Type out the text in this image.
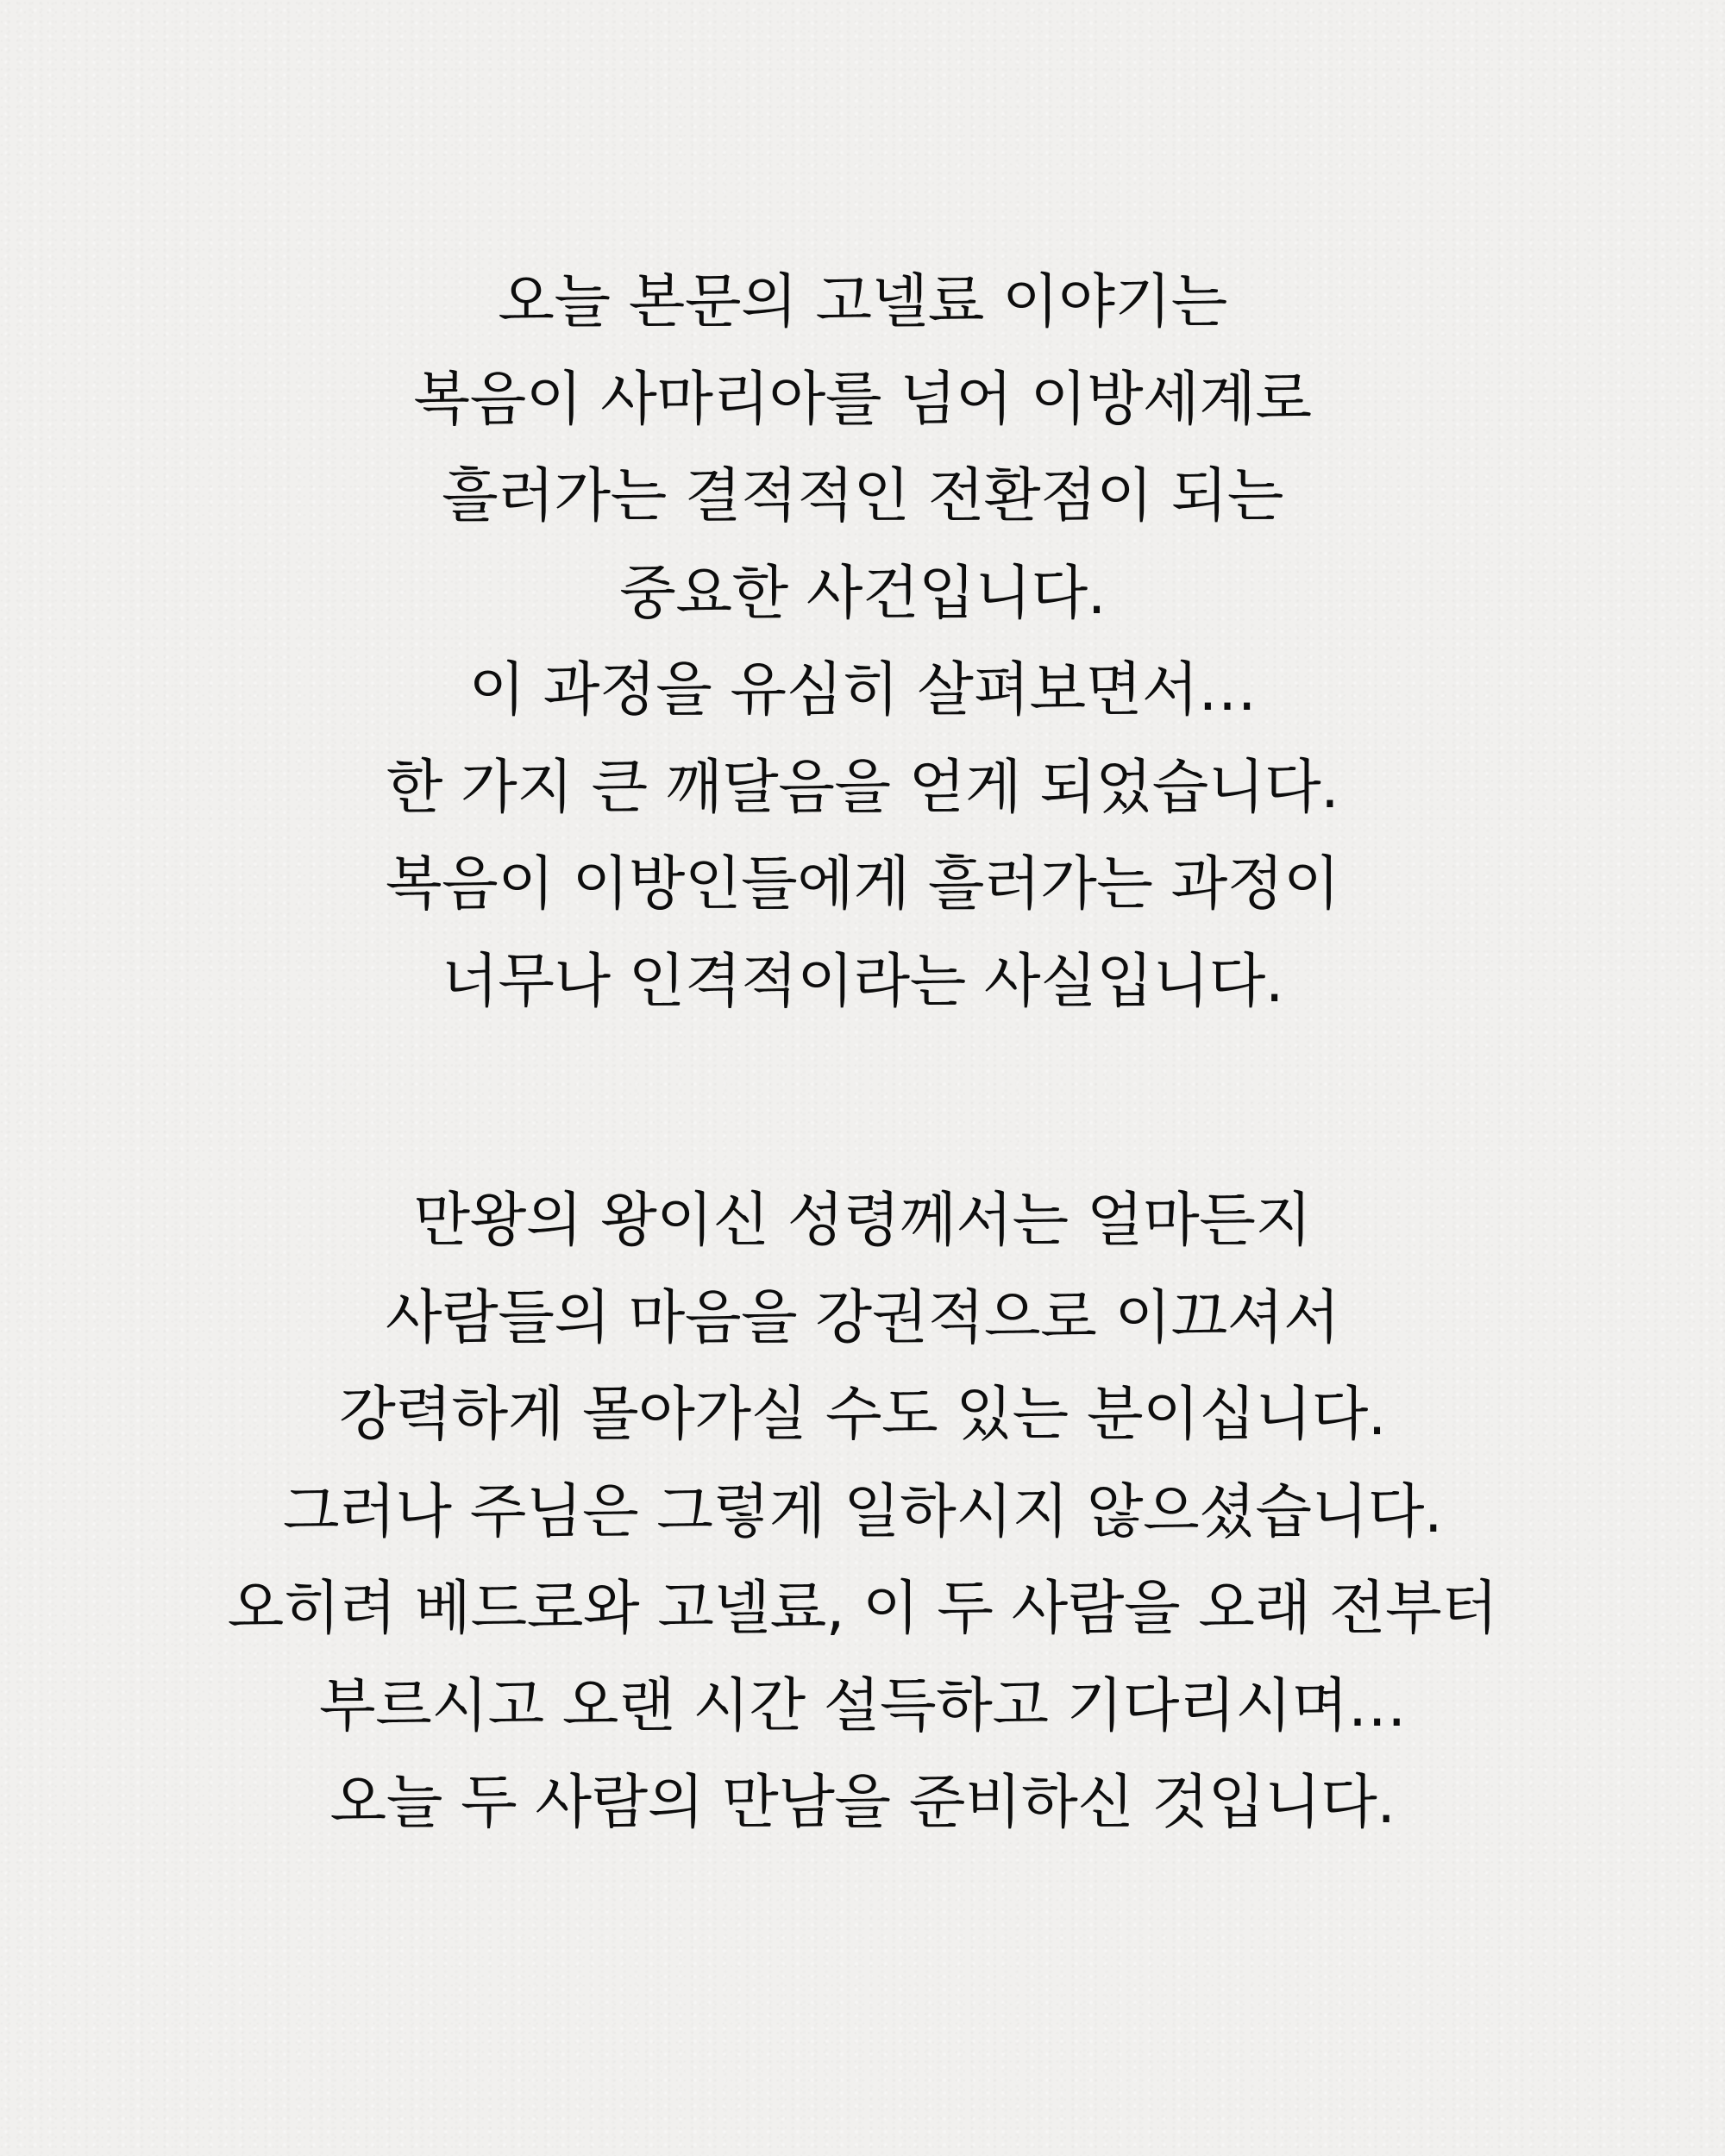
오늘 본문의 고넬료 이야기는
복음이 사마리아를 넘어 이방세계로
흘러가는 결적적인 전환점이 되는
중요한 사건입니다.
이 과정을 유심히 살펴보면서…
한 가지 큰 깨달음을 얻게 되었습니다.
복음이 이방인들에게 흘러가는 과정이
너무나 인격적이라는 사실입니다.
만왕의 왕이신 성령께서는 얼마든지
사람들의 마음을 강권적으로 이끄셔서
강력하게 몰아가실 수도 있는 분이십니다.
그러나 주님은 그렇게 일하시지 않으셨습니다.
오히려 베드로와 고넬료, 이 두 사람을 오래 전부터
부르시고 오랜 시간 설득하고 기다리시며…
오늘 두 사람의 만남을 준비하신 것입니다.
